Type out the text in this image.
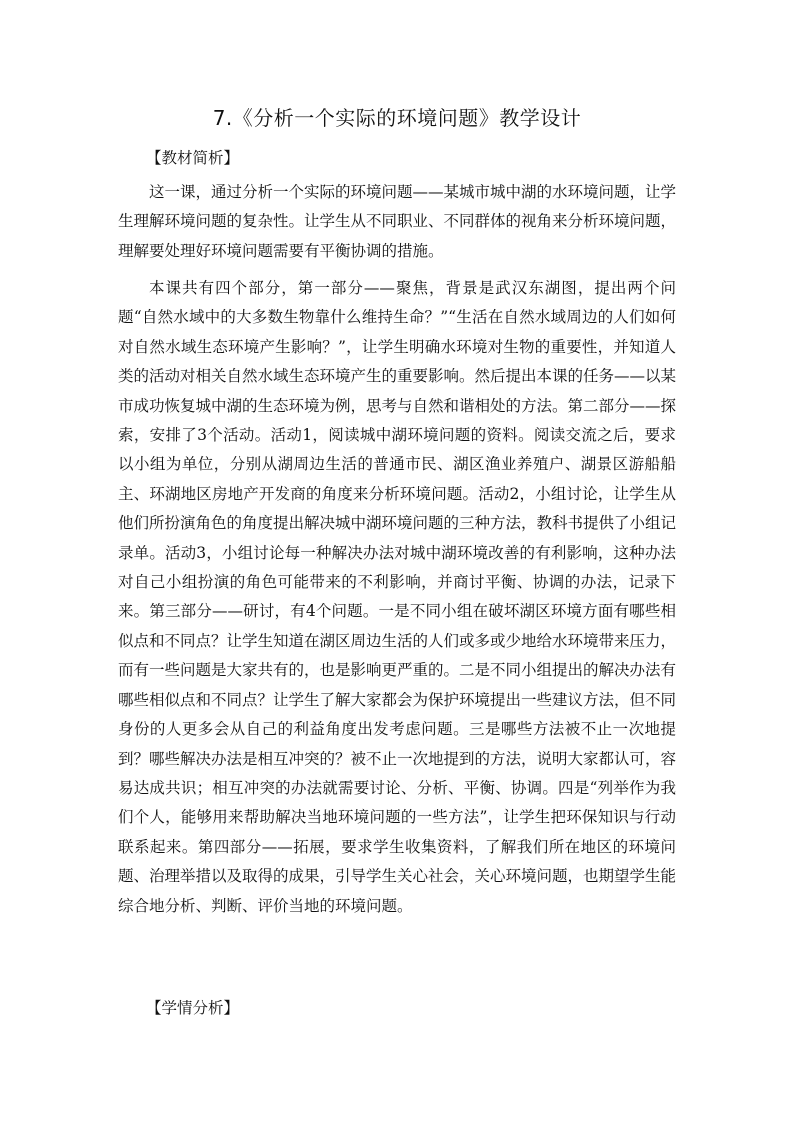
7.《分析一个实际的环境问题》教学设计
【教材简析】

这一课，通过分析一个实际的环境问题——某城市城中湖的水环境问题，让学生理解环境问题的复杂性。让学生从不同职业、不同群体的视角来分析环境问题，理解要处理好环境问题需要有平衡协调的措施。

本课共有四个部分，第一部分——聚焦，背景是武汉东湖图，提出两个问题“自然水域中的大多数生物靠什么维持生命？”“生活在自然水域周边的人们如何对自然水域生态环境产生影响？”，让学生明确水环境对生物的重要性，并知道人类的活动对相关自然水域生态环境产生的重要影响。然后提出本课的任务——以某市成功恢复城中湖的生态环境为例，思考与自然和谐相处的方法。第二部分——探索，安排了3个活动。活动1，阅读城中湖环境问题的资料。阅读交流之后，要求以小组为单位，分别从湖周边生活的普通市民、湖区渔业养殖户、湖景区游船船主、环湖地区房地产开发商的角度来分析环境问题。活动2，小组讨论，让学生从他们所扮演角色的角度提出解决城中湖环境问题的三种方法，教科书提供了小组记录单。活动3，小组讨论每一种解决办法对城中湖环境改善的有利影响，这种办法对自己小组扮演的角色可能带来的不利影响，并商讨平衡、协调的办法，记录下来。第三部分——研讨，有4个问题。一是不同小组在破坏湖区环境方面有哪些相似点和不同点？让学生知道在湖区周边生活的人们或多或少地给水环境带来压力，而有一些问题是大家共有的，也是影响更严重的。二是不同小组提出的解决办法有哪些相似点和不同点？让学生了解大家都会为保护环境提出一些建议方法，但不同身份的人更多会从自己的利益角度出发考虑问题。三是哪些方法被不止一次地提到？哪些解决办法是相互冲突的？被不止一次地提到的方法，说明大家都认可，容易达成共识；相互冲突的办法就需要讨论、分析、平衡、协调。四是“列举作为我们个人，能够用来帮助解决当地环境问题的一些方法”，让学生把环保知识与行动联系起来。第四部分——拓展，要求学生收集资料，了解我们所在地区的环境问题、治理举措以及取得的成果，引导学生关心社会，关心环境问题，也期望学生能综合地分析、判断、评价当地的环境问题。

【学情分析】
